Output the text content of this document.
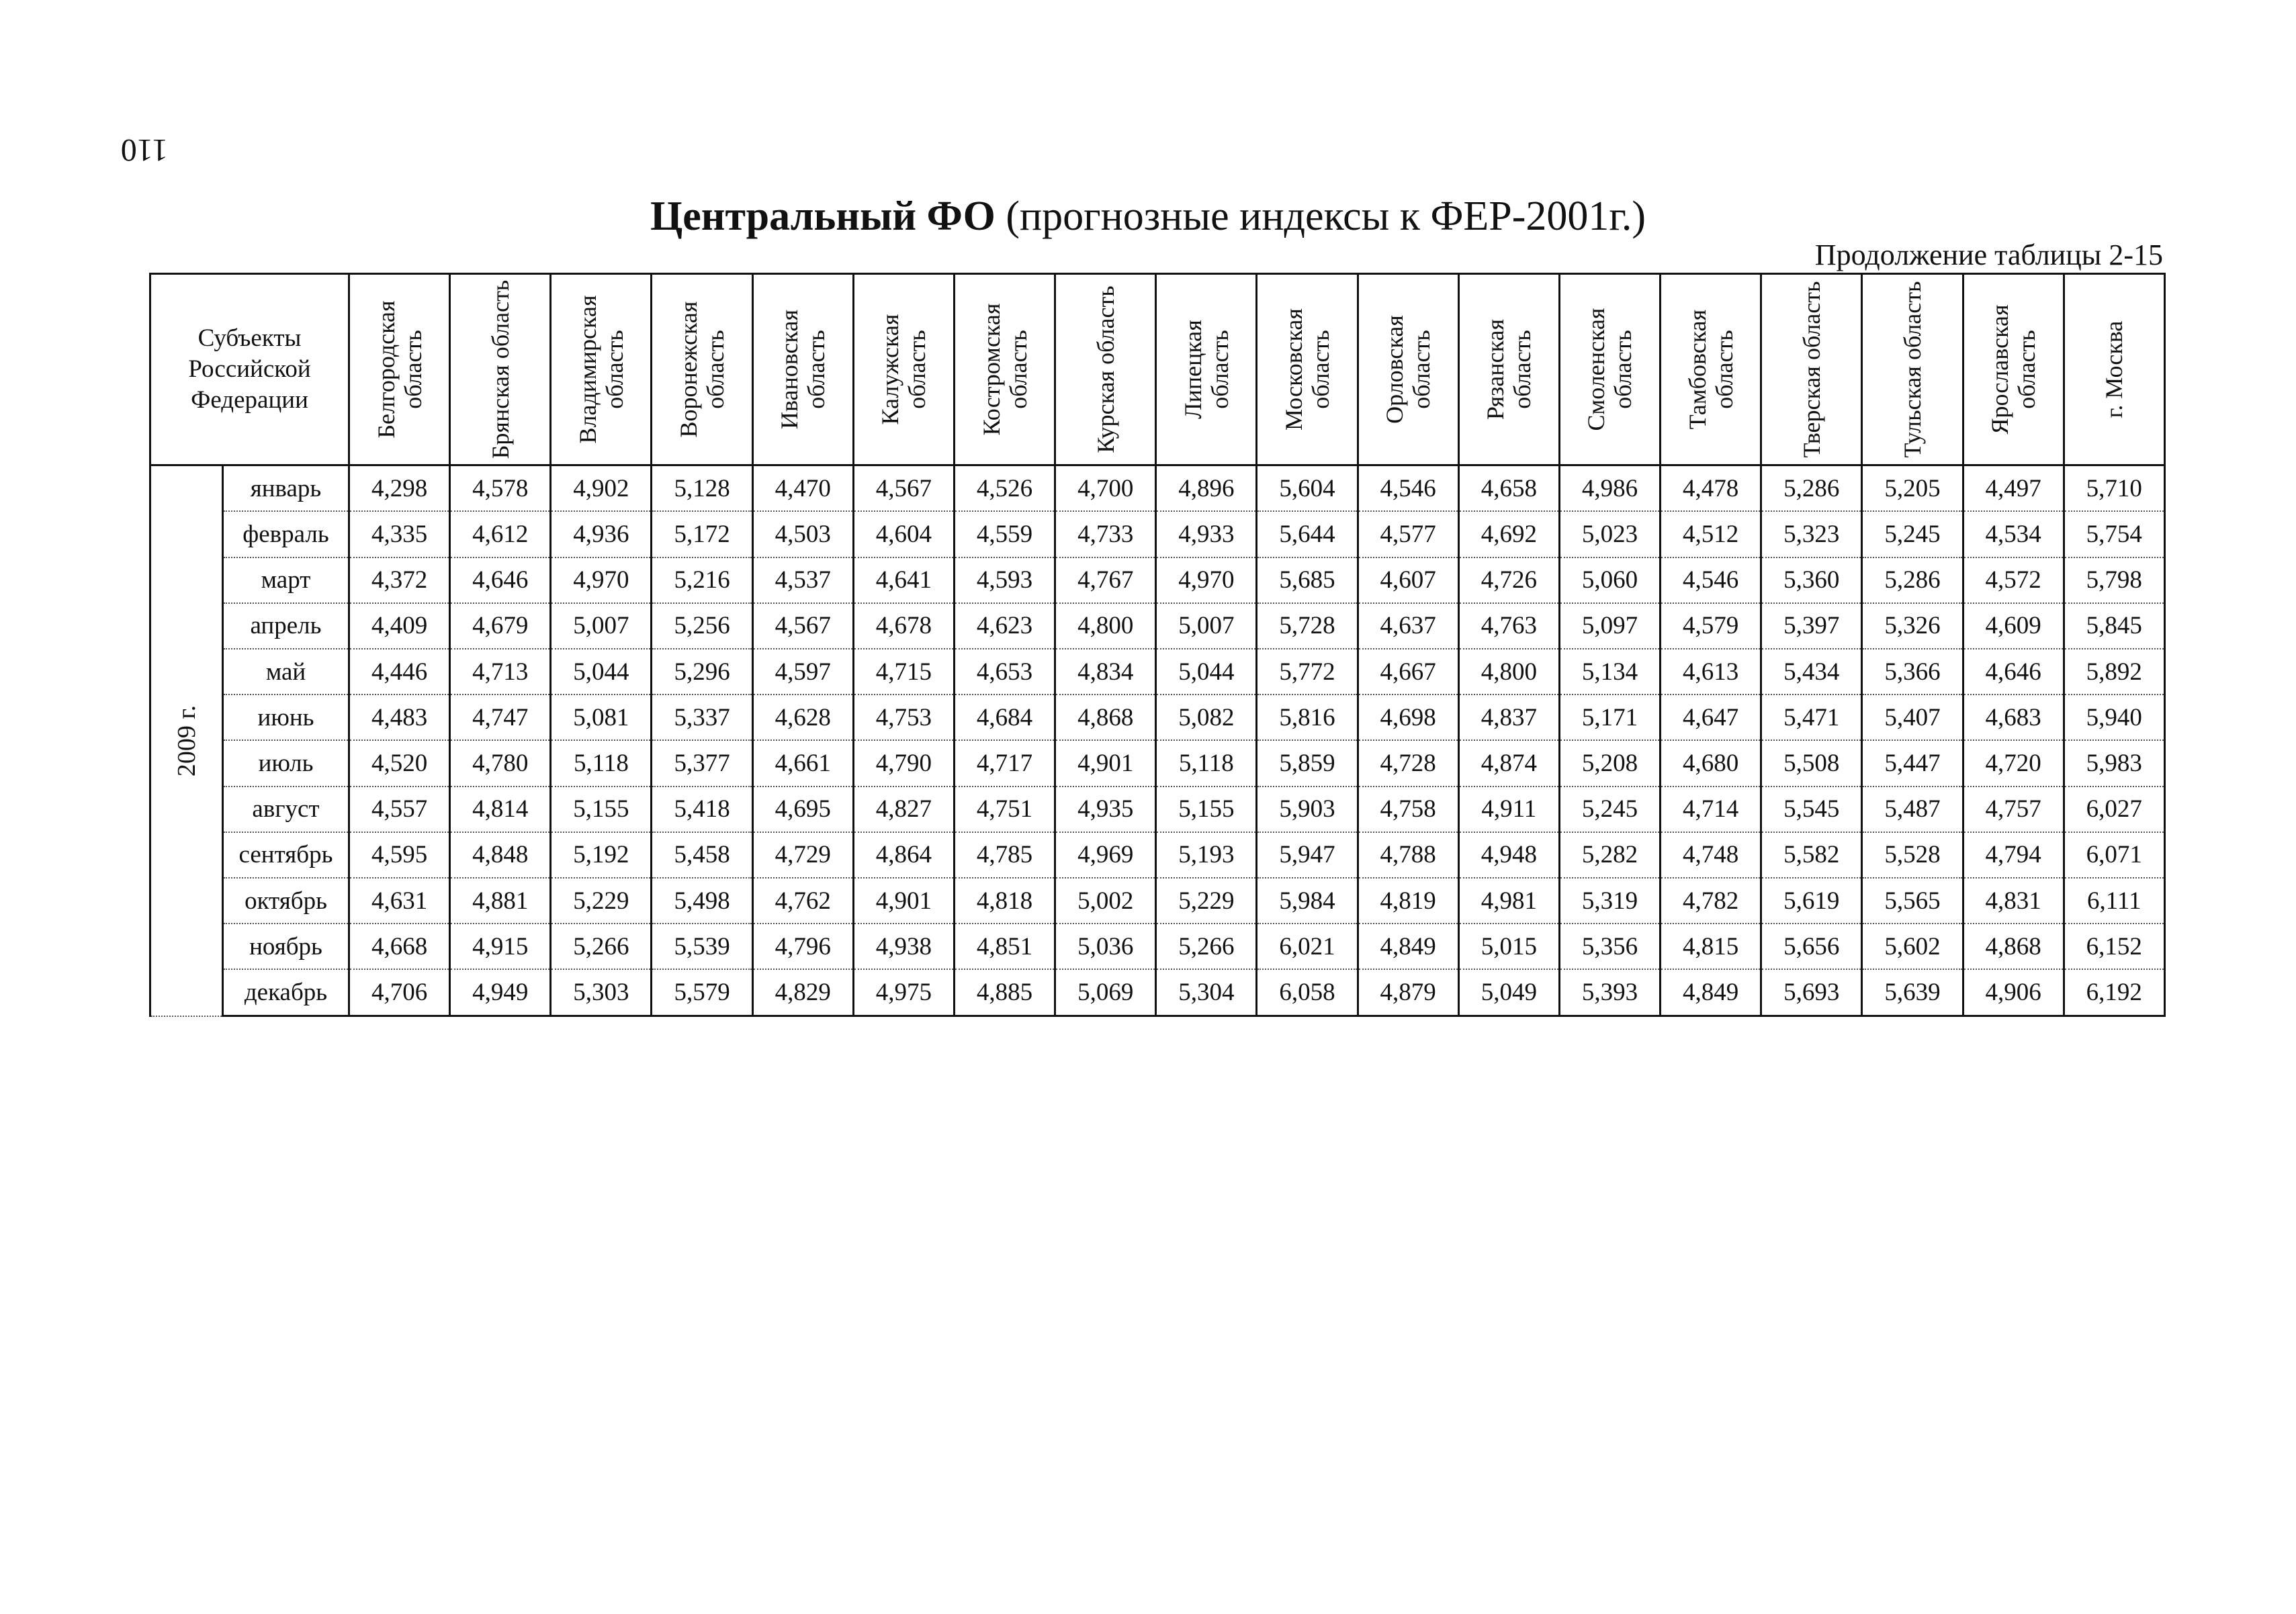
110
Центральный ФО (прогнозные индексы к ФЕР-2001г.)
Продолжение таблицы 2-15
Субъекты Российской Федерации		Белгородская область	Брянская область	Владимирская область	Воронежская область	Ивановская область	Калужская область	Костромская область	Курская область	Липецкая область	Московская область	Орловская область	Рязанская область	Смоленская область	Тамбовская область	Тверская область	Тульская область	Ярославская область	г. Москва

2009 г.	январь	4,298	4,578	4,902	5,128	4,470	4,567	4,526	4,700	4,896	5,604	4,546	4,658	4,986	4,478	5,286	5,205	4,497	5,710
	февраль	4,335	4,612	4,936	5,172	4,503	4,604	4,559	4,733	4,933	5,644	4,577	4,692	5,023	4,512	5,323	5,245	4,534	5,754
	март	4,372	4,646	4,970	5,216	4,537	4,641	4,593	4,767	4,970	5,685	4,607	4,726	5,060	4,546	5,360	5,286	4,572	5,798
	апрель	4,409	4,679	5,007	5,256	4,567	4,678	4,623	4,800	5,007	5,728	4,637	4,763	5,097	4,579	5,397	5,326	4,609	5,845
	май	4,446	4,713	5,044	5,296	4,597	4,715	4,653	4,834	5,044	5,772	4,667	4,800	5,134	4,613	5,434	5,366	4,646	5,892
	июнь	4,483	4,747	5,081	5,337	4,628	4,753	4,684	4,868	5,082	5,816	4,698	4,837	5,171	4,647	5,471	5,407	4,683	5,940
	июль	4,520	4,780	5,118	5,377	4,661	4,790	4,717	4,901	5,118	5,859	4,728	4,874	5,208	4,680	5,508	5,447	4,720	5,983
	август	4,557	4,814	5,155	5,418	4,695	4,827	4,751	4,935	5,155	5,903	4,758	4,911	5,245	4,714	5,545	5,487	4,757	6,027
	сентябрь	4,595	4,848	5,192	5,458	4,729	4,864	4,785	4,969	5,193	5,947	4,788	4,948	5,282	4,748	5,582	5,528	4,794	6,071
	октябрь	4,631	4,881	5,229	5,498	4,762	4,901	4,818	5,002	5,229	5,984	4,819	4,981	5,319	4,782	5,619	5,565	4,831	6,111
	ноябрь	4,668	4,915	5,266	5,539	4,796	4,938	4,851	5,036	5,266	6,021	4,849	5,015	5,356	4,815	5,656	5,602	4,868	6,152
	декабрь	4,706	4,949	5,303	5,579	4,829	4,975	4,885	5,069	5,304	6,058	4,879	5,049	5,393	4,849	5,693	5,639	4,906	6,192
